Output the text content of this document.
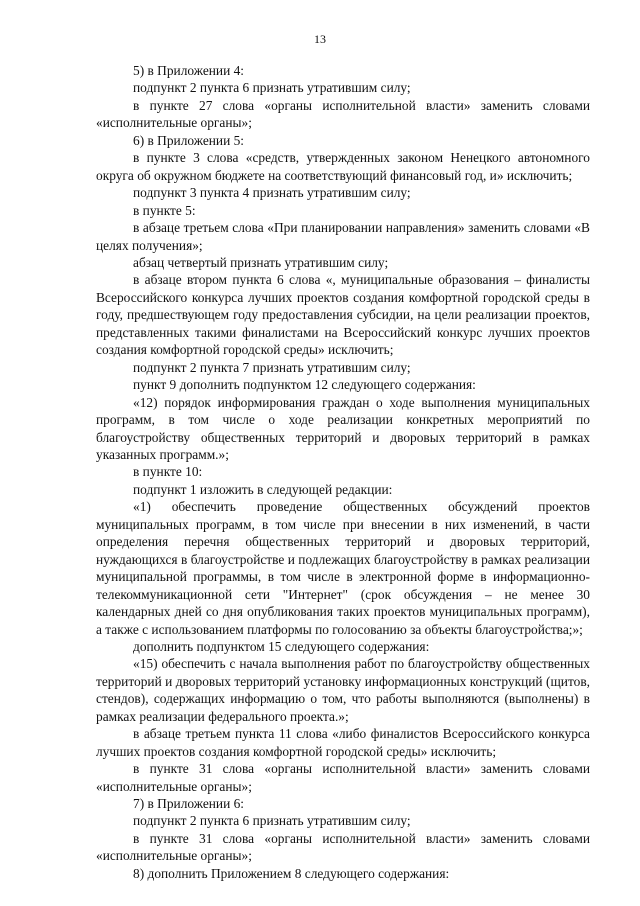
13

5) в Приложении 4:

подпункт 2 пункта 6 признать утратившим силу;

в пункте 27 слова «органы исполнительной власти» заменить словами «исполнительные органы»;

6) в Приложении 5:

в пункте 3 слова «средств, утвержденных законом Ненецкого автономного округа об окружном бюджете на соответствующий финансовый год, и» исключить;

подпункт 3 пункта 4 признать утратившим силу;

в пункте 5:

в абзаце третьем слова «При планировании направления» заменить словами «В целях получения»;

абзац четвертый признать утратившим силу;

в абзаце втором пункта 6 слова «, муниципальные образования – финалисты Всероссийского конкурса лучших проектов создания комфортной городской среды в году, предшествующем году предоставления субсидии, на цели реализации проектов, представленных такими финалистами на Всероссийский конкурс лучших проектов создания комфортной городской среды» исключить;

подпункт 2 пункта 7 признать утратившим силу;

пункт 9 дополнить подпунктом 12 следующего содержания:

«12) порядок информирования граждан о ходе выполнения муниципальных программ, в том числе о ходе реализации конкретных мероприятий по благоустройству общественных территорий и дворовых территорий в рамках указанных программ.»;

в пункте 10:

подпункт 1 изложить в следующей редакции:

«1) обеспечить проведение общественных обсуждений проектов муниципальных программ, в том числе при внесении в них изменений, в части определения перечня общественных территорий и дворовых территорий, нуждающихся в благоустройстве и подлежащих благоустройству в рамках реализации муниципальной программы, в том числе в электронной форме в информационно-телекоммуникационной сети "Интернет" (срок обсуждения – не менее 30 календарных дней со дня опубликования таких проектов муниципальных программ), а также с использованием платформы по голосованию за объекты благоустройства;»;

дополнить подпунктом 15 следующего содержания:

«15) обеспечить с начала выполнения работ по благоустройству общественных территорий и дворовых территорий установку информационных конструкций (щитов, стендов), содержащих информацию о том, что работы выполняются (выполнены) в рамках реализации федерального проекта.»;

в абзаце третьем пункта 11 слова «либо финалистов Всероссийского конкурса лучших проектов создания комфортной городской среды» исключить;

в пункте 31 слова «органы исполнительной власти» заменить словами «исполнительные органы»;

7) в Приложении 6:

подпункт 2 пункта 6 признать утратившим силу;

в пункте 31 слова «органы исполнительной власти» заменить словами «исполнительные органы»;

8) дополнить Приложением 8 следующего содержания:
